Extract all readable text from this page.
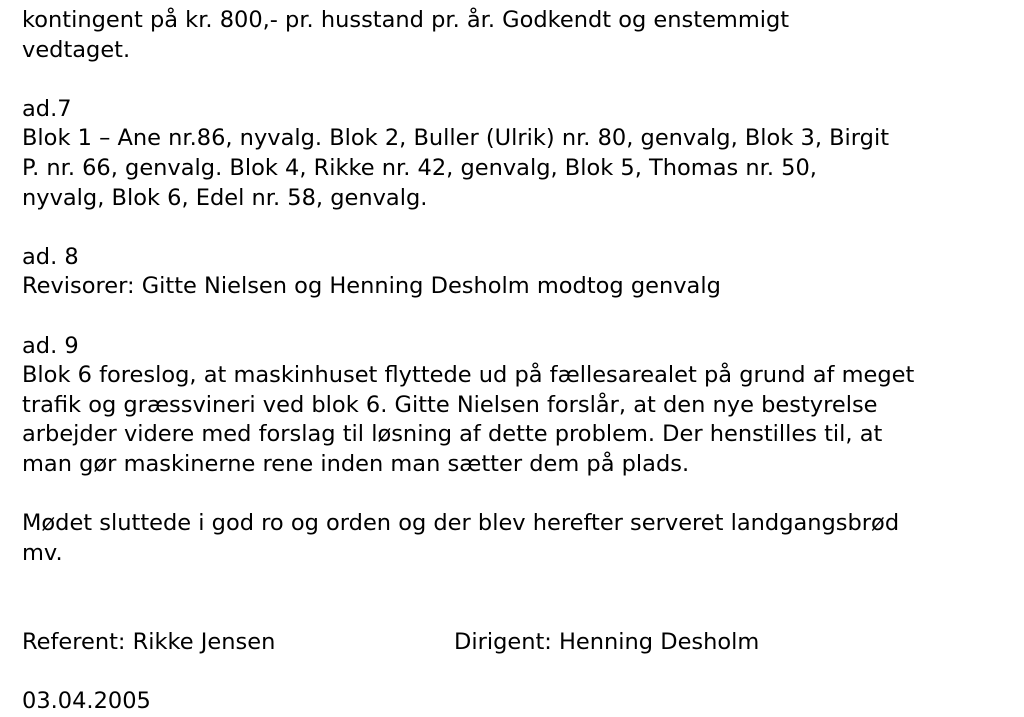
kontingent på kr. 800,- pr. husstand pr. år. Godkendt og enstemmigt
vedtaget.
ad.7
Blok 1 – Ane nr.86, nyvalg. Blok 2, Buller (Ulrik) nr. 80, genvalg, Blok 3, Birgit
P. nr. 66, genvalg. Blok 4, Rikke nr. 42, genvalg, Blok 5, Thomas nr. 50,
nyvalg, Blok 6, Edel nr. 58, genvalg.
ad. 8
Revisorer: Gitte Nielsen og Henning Desholm modtog genvalg
ad. 9
Blok 6 foreslog, at maskinhuset flyttede ud på fællesarealet på grund af meget
trafik og græssvineri ved blok 6. Gitte Nielsen forslår, at den nye bestyrelse
arbejder videre med forslag til løsning af dette problem. Der henstilles til, at
man gør maskinerne rene inden man sætter dem på plads.
Mødet sluttede i god ro og orden og der blev herefter serveret landgangsbrød
mv.
Referent: Rikke Jensen	Dirigent: Henning Desholm
03.04.2005
